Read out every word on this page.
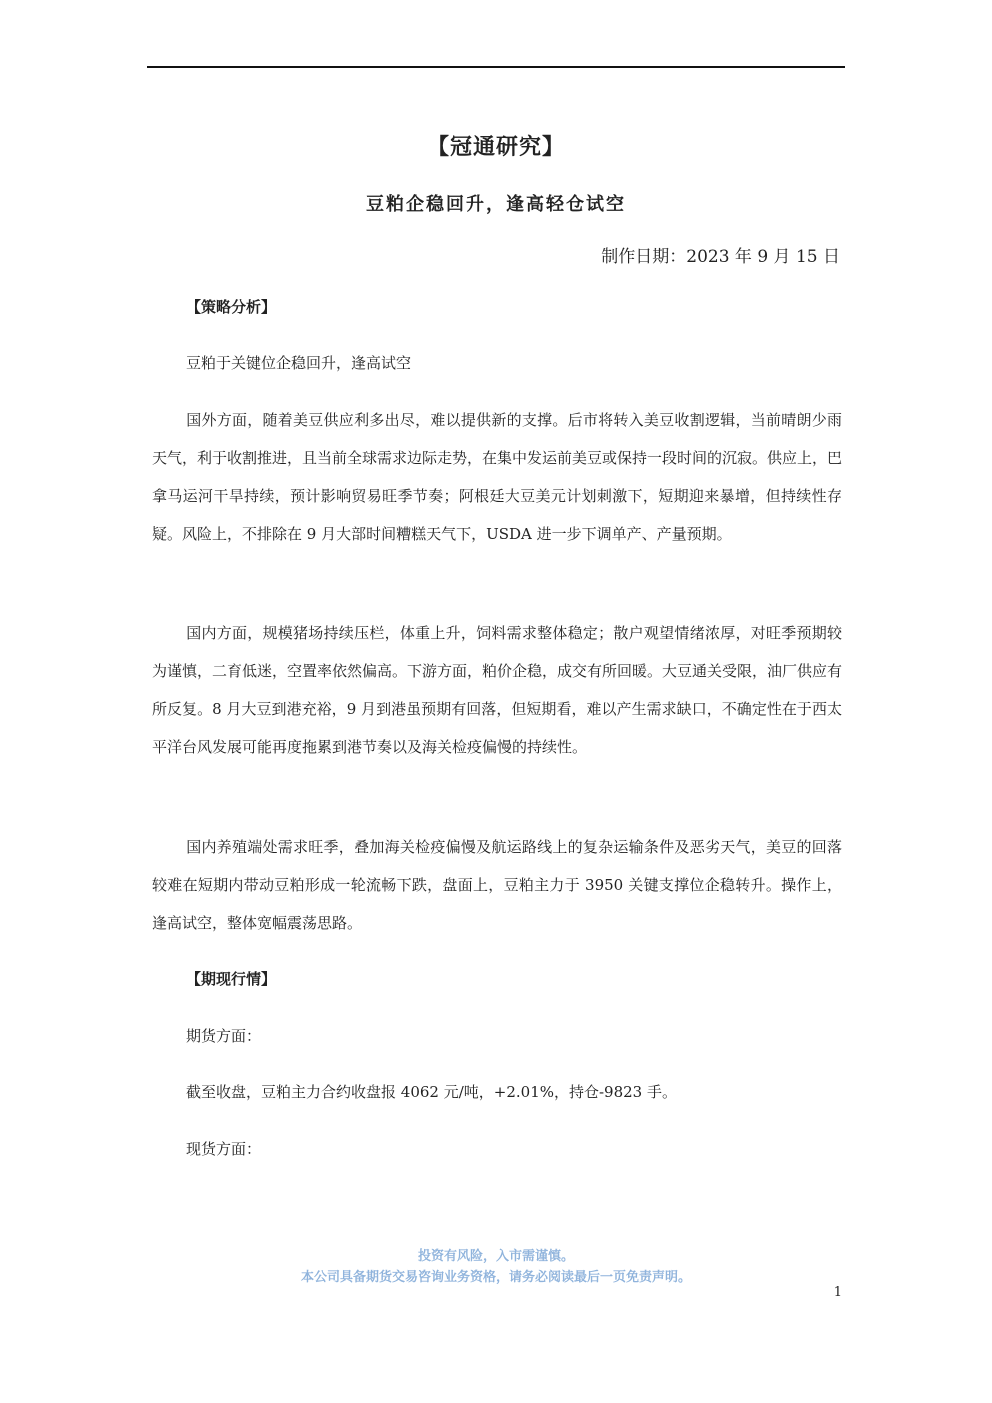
【冠通研究】
豆粕企稳回升，逢高轻仓试空
制作日期：2023 年 9 月 15 日
【策略分析】
豆粕于关键位企稳回升，逢高试空
国外方面，随着美豆供应利多出尽，难以提供新的支撑。后市将转入美豆收割逻辑，当前晴朗少雨天气，利于收割推进，且当前全球需求边际走势，在集中发运前美豆或保持一段时间的沉寂。供应上，巴拿马运河干旱持续，预计影响贸易旺季节奏；阿根廷大豆美元计划刺激下，短期迎来暴增，但持续性存疑。风险上，不排除在 9 月大部时间糟糕天气下，USDA 进一步下调单产、产量预期。
国内方面，规模猪场持续压栏，体重上升，饲料需求整体稳定；散户观望情绪浓厚，对旺季预期较为谨慎，二育低迷，空置率依然偏高。下游方面，粕价企稳，成交有所回暖。大豆通关受限，油厂供应有所反复。8 月大豆到港充裕，9 月到港虽预期有回落，但短期看，难以产生需求缺口，不确定性在于西太平洋台风发展可能再度拖累到港节奏以及海关检疫偏慢的持续性。
国内养殖端处需求旺季，叠加海关检疫偏慢及航运路线上的复杂运输条件及恶劣天气，美豆的回落较难在短期内带动豆粕形成一轮流畅下跌，盘面上，豆粕主力于 3950 关键支撑位企稳转升。操作上，逢高试空，整体宽幅震荡思路。
【期现行情】
期货方面：
截至收盘，豆粕主力合约收盘报 4062 元/吨，+2.01%，持仓-9823 手。
现货方面：
投资有风险，入市需谨慎。
本公司具备期货交易咨询业务资格，请务必阅读最后一页免责声明。
1
